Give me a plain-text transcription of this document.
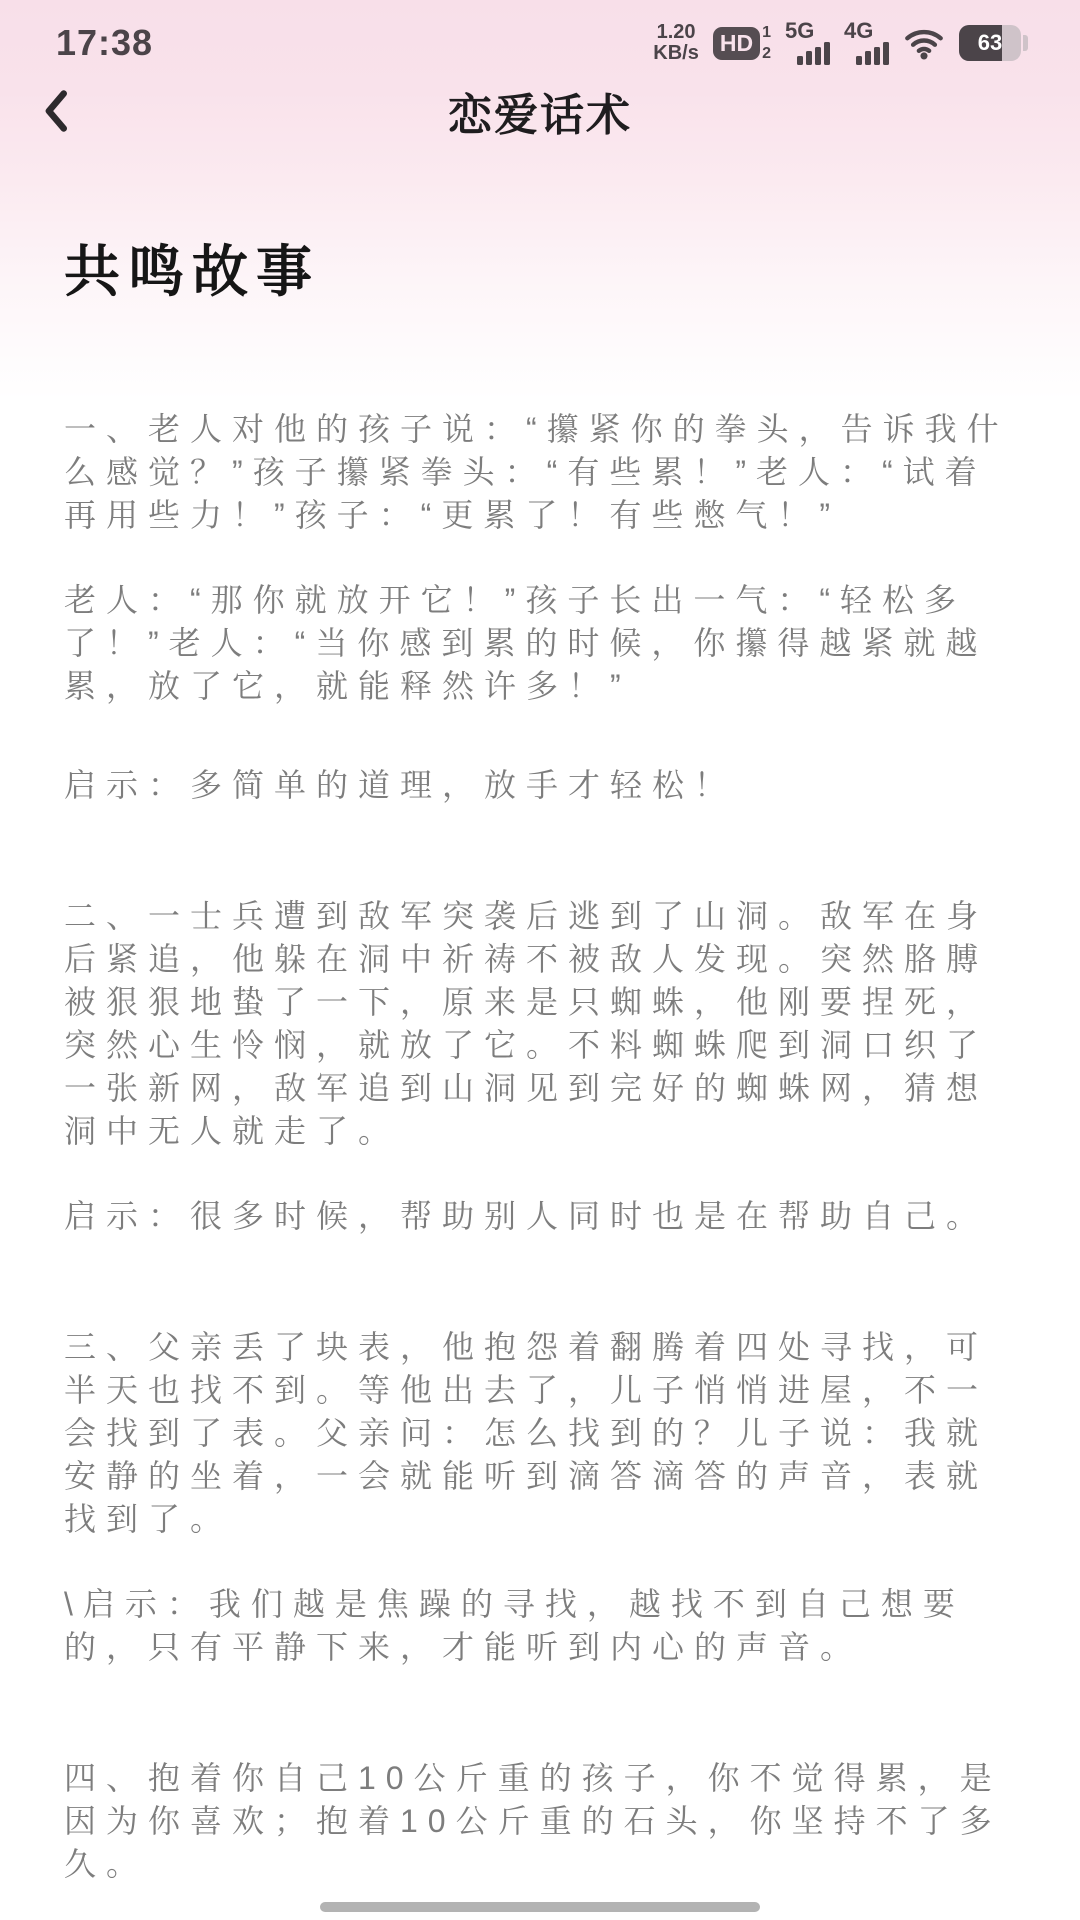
17:38	1.20
KB/s HD 1
2
5G 4G	63
恋爱话术
共鸣故事

一、老人对他的孩子说：“攥紧你的拳头，告诉我什么感觉？”孩子攥紧拳头：“有些累！”老人：“试着再用些力！”孩子：“更累了！有些憋气！”

老人：“那你就放开它！”孩子长出一气：“轻松多了！”老人：“当你感到累的时候，你攥得越紧就越累，放了它，就能释然许多！”

启示：多简单的道理，放手才轻松！

二、一士兵遭到敌军突袭后逃到了山洞。敌军在身后紧追，他躲在洞中祈祷不被敌人发现。突然胳膊被狠狠地蛰了一下，原来是只蜘蛛，他刚要捏死，突然心生怜悯，就放了它。不料蜘蛛爬到洞口织了一张新网，敌军追到山洞见到完好的蜘蛛网，猜想洞中无人就走了。

启示：很多时候，帮助别人同时也是在帮助自己。

三、父亲丢了块表，他抱怨着翻腾着四处寻找，可半天也找不到。等他出去了，儿子悄悄进屋，不一会找到了表。父亲问：怎么找到的？儿子说：我就安静的坐着，一会就能听到滴答滴答的声音，表就找到了。

\启示：我们越是焦躁的寻找，越找不到自己想要的，只有平静下来，才能听到内心的声音。

四、抱着你自己10公斤重的孩子，你不觉得累，是因为你喜欢；抱着10公斤重的石头，你坚持不了多久。
